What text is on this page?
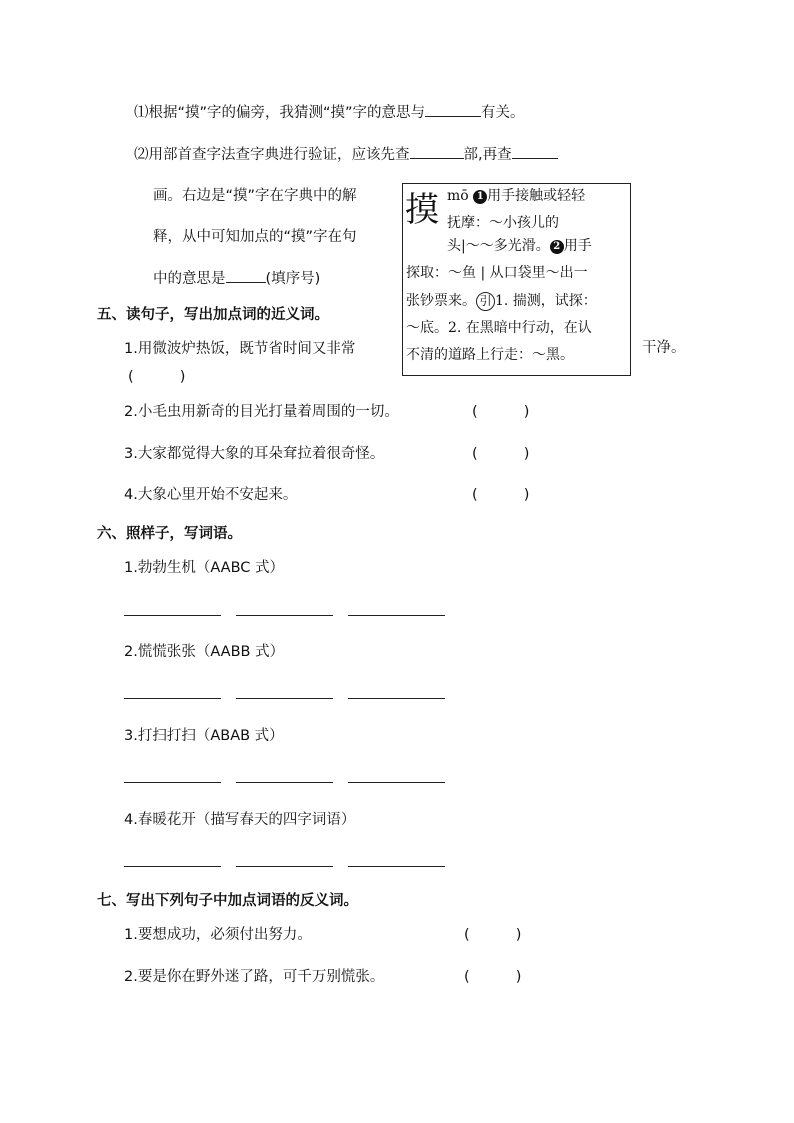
⑴根据“摸”字的偏旁，我猜测“摸”字的意思与	有关。
⑵用部首查字法查字典进行验证，应该先查	部,再查
画。右边是“摸”字在字典中的解
释，从中可知加点的“摸”字在句
中的意思是	(填序号)
摸 mō 1 用手接触或轻轻
抚摩：～小孩儿的
头|～～多光滑。 2 用手
探取：～鱼 | 从口袋里～出一
张钞票来。 引 1. 揣测，试探：
～底。2. 在黑暗中行动，在认
不清的道路上行走：～黑。
五、读句子，写出加点词的近义词。
1.用微波炉热饭，既节省时间又非常	干净。
(          )
2.小毛虫用新奇的目光打量着周围的一切。	(          )
3.大家都觉得大象的耳朵耷拉着很奇怪。	(          )
4.大象心里开始不安起来。	(          )
六、照样子，写词语。
1.勃勃生机（AABC 式）
2.慌慌张张（AABB 式）
3.打扫打扫（ABAB 式）
4.春暖花开（描写春天的四字词语）
七、写出下列句子中加点词语的反义词。
1.要想成功，必须付出努力。	(          )
2.要是你在野外迷了路，可千万别慌张。	(          )
